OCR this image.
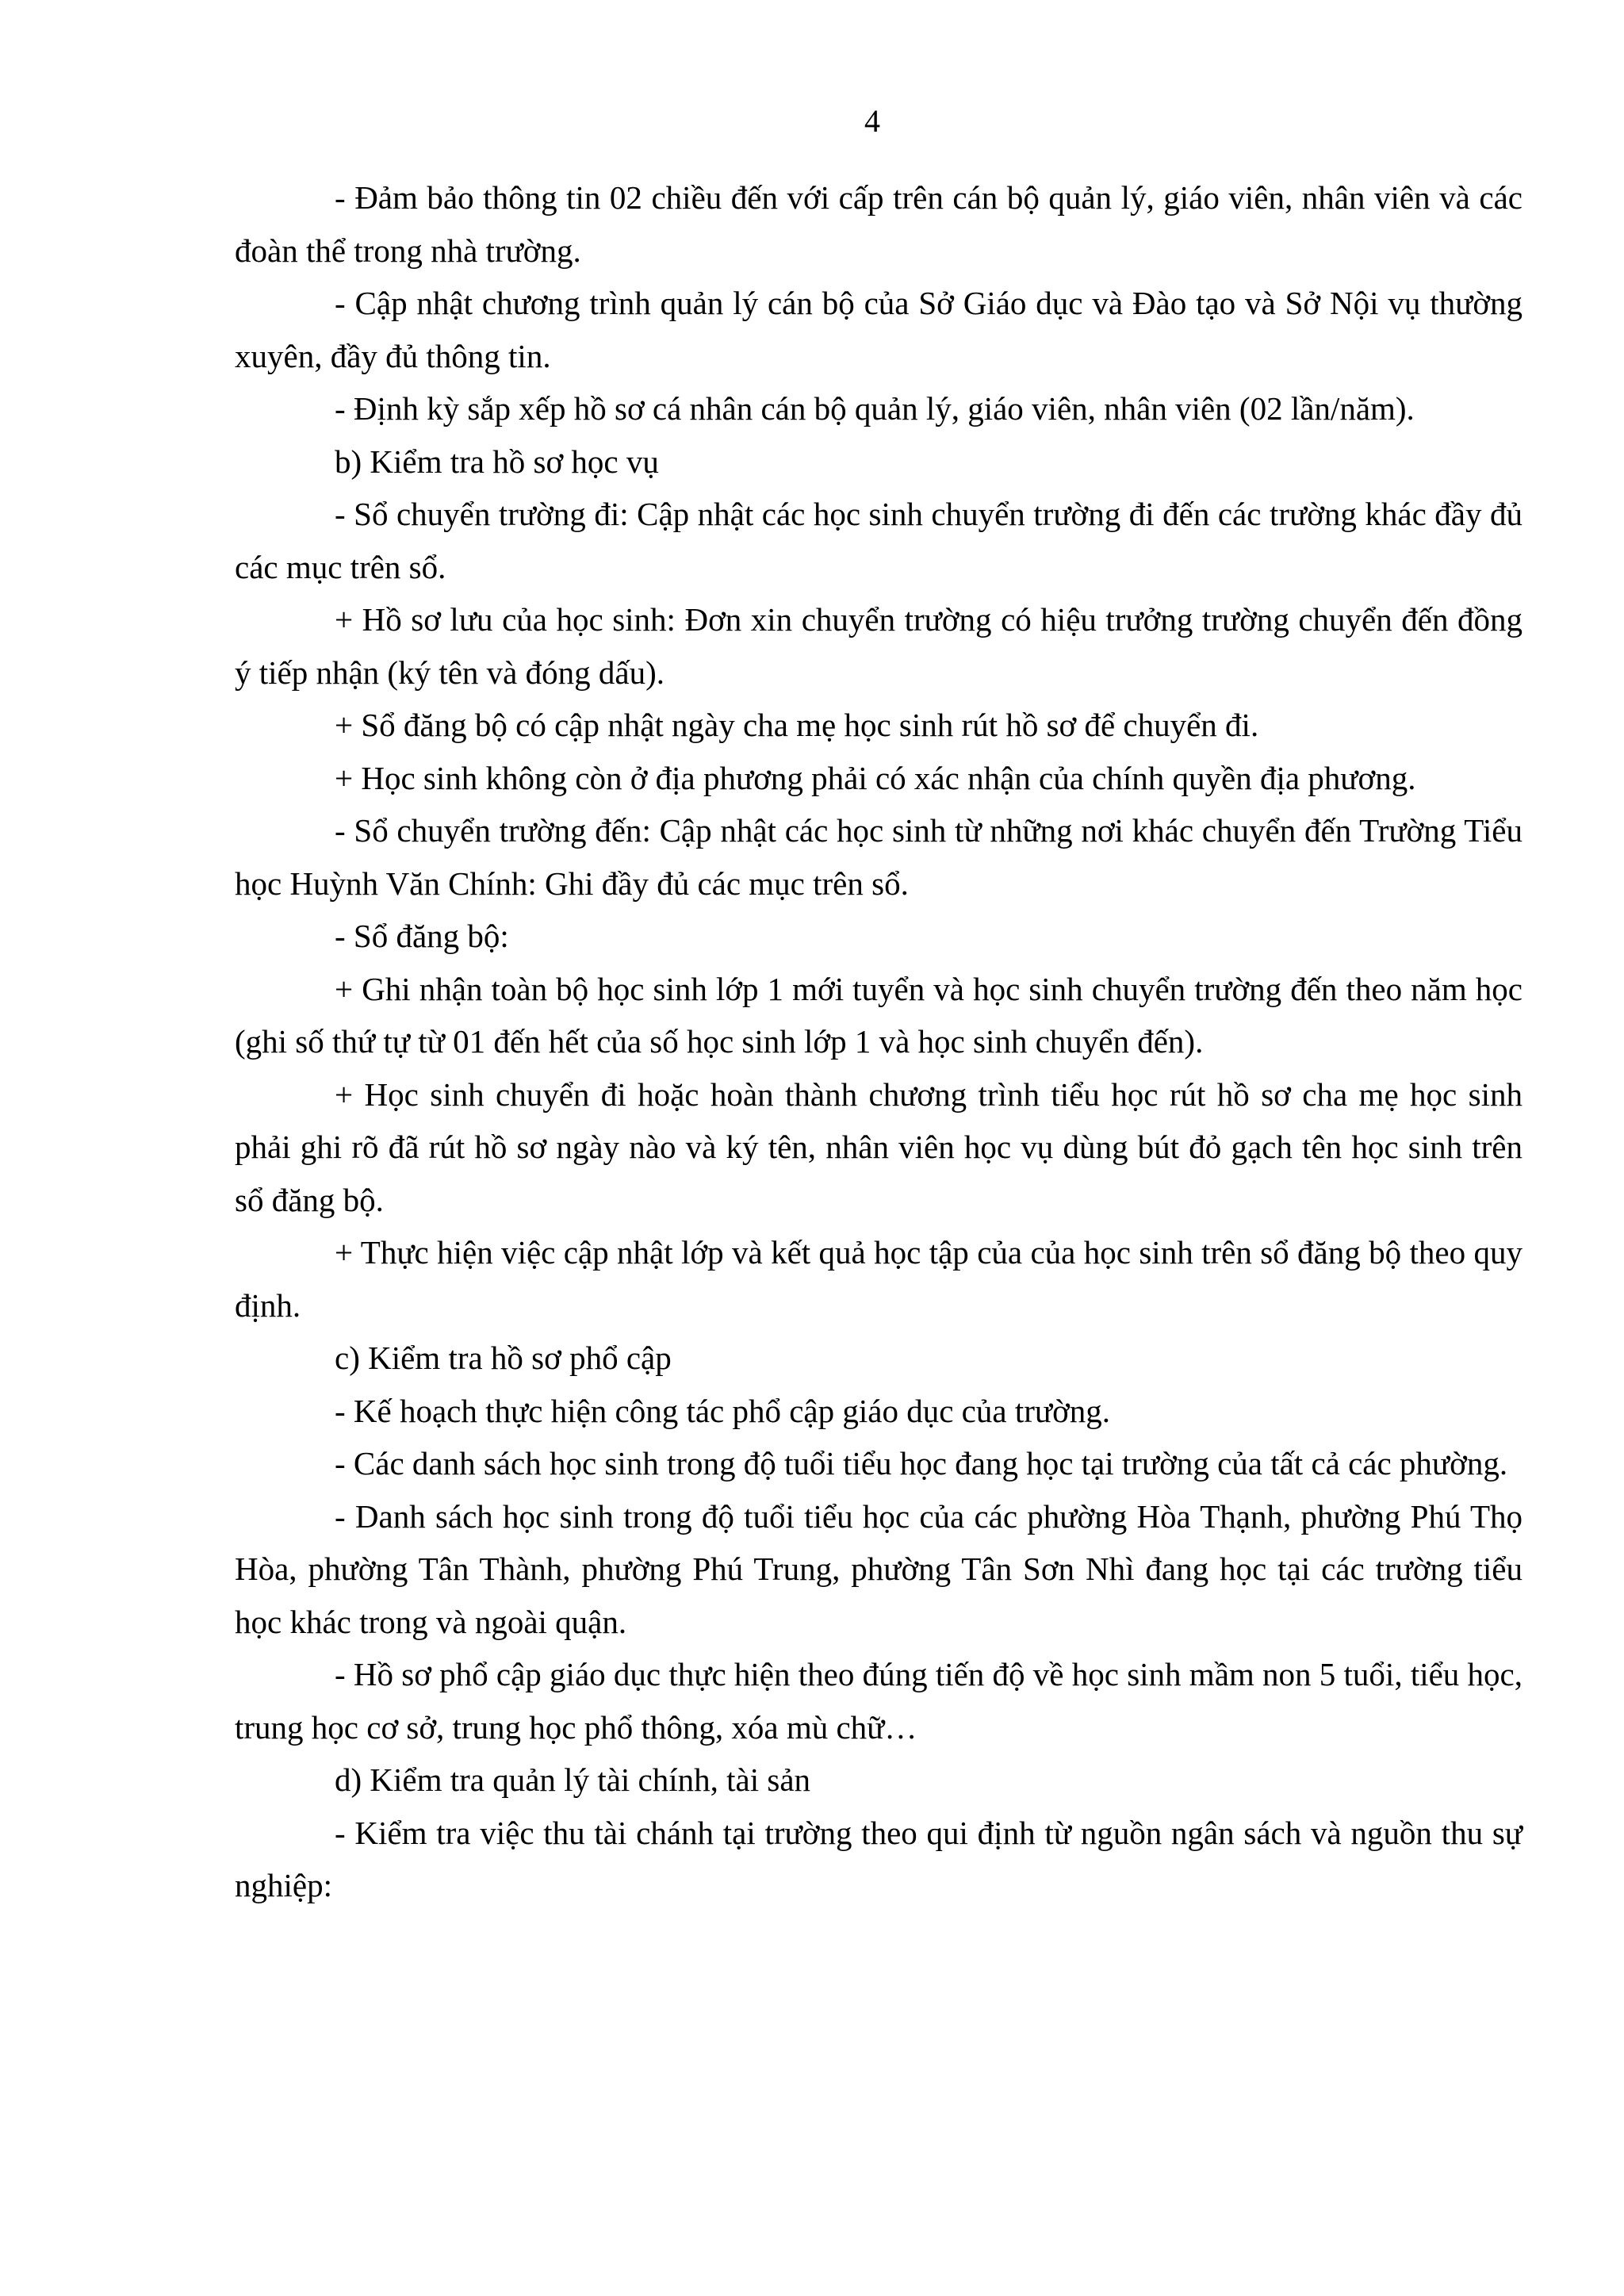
4

- Đảm bảo thông tin 02 chiều đến với cấp trên cán bộ quản lý, giáo viên, nhân viên và các đoàn thể trong nhà trường.

- Cập nhật chương trình quản lý cán bộ của Sở Giáo dục và Đào tạo và Sở Nội vụ thường xuyên, đầy đủ thông tin.

- Định kỳ sắp xếp hồ sơ cá nhân cán bộ quản lý, giáo viên, nhân viên (02 lần/năm).

b) Kiểm tra hồ sơ học vụ

- Sổ chuyển trường đi: Cập nhật các học sinh chuyển trường đi đến các trường khác đầy đủ các mục trên sổ.

+ Hồ sơ lưu của học sinh: Đơn xin chuyển trường có hiệu trưởng trường chuyển đến đồng ý tiếp nhận (ký tên và đóng dấu).

+ Sổ đăng bộ có cập nhật ngày cha mẹ học sinh rút hồ sơ để chuyển đi.

+ Học sinh không còn ở địa phương phải có xác nhận của chính quyền địa phương.

- Sổ chuyển trường đến: Cập nhật các học sinh từ những nơi khác chuyển đến Trường Tiểu học Huỳnh Văn Chính: Ghi đầy đủ các mục trên sổ.

- Sổ đăng bộ:

+ Ghi nhận toàn bộ học sinh lớp 1 mới tuyển và học sinh chuyển trường đến theo năm học (ghi số thứ tự từ 01 đến hết của số học sinh lớp 1 và học sinh chuyển đến).

+ Học sinh chuyển đi hoặc hoàn thành chương trình tiểu học rút hồ sơ cha mẹ học sinh phải ghi rõ đã rút hồ sơ ngày nào và ký tên, nhân viên học vụ dùng bút đỏ gạch tên học sinh trên sổ đăng bộ.

+ Thực hiện việc cập nhật lớp và kết quả học tập của của học sinh trên sổ đăng bộ theo quy định.

c) Kiểm tra hồ sơ phổ cập

- Kế hoạch thực hiện công tác phổ cập giáo dục của trường.

- Các danh sách học sinh trong độ tuổi tiểu học đang học tại trường của tất cả các phường.

- Danh sách học sinh trong độ tuổi tiểu học của các phường Hòa Thạnh, phường Phú Thọ Hòa, phường Tân Thành, phường Phú Trung, phường Tân Sơn Nhì đang học tại các trường tiểu học khác trong và ngoài quận.

- Hồ sơ phổ cập giáo dục thực hiện theo đúng tiến độ về học sinh mầm non 5 tuổi, tiểu học, trung học cơ sở, trung học phổ thông, xóa mù chữ…

d) Kiểm tra quản lý tài chính, tài sản

- Kiểm tra việc thu tài chánh tại trường theo qui định từ nguồn ngân sách và nguồn thu sự nghiệp:
